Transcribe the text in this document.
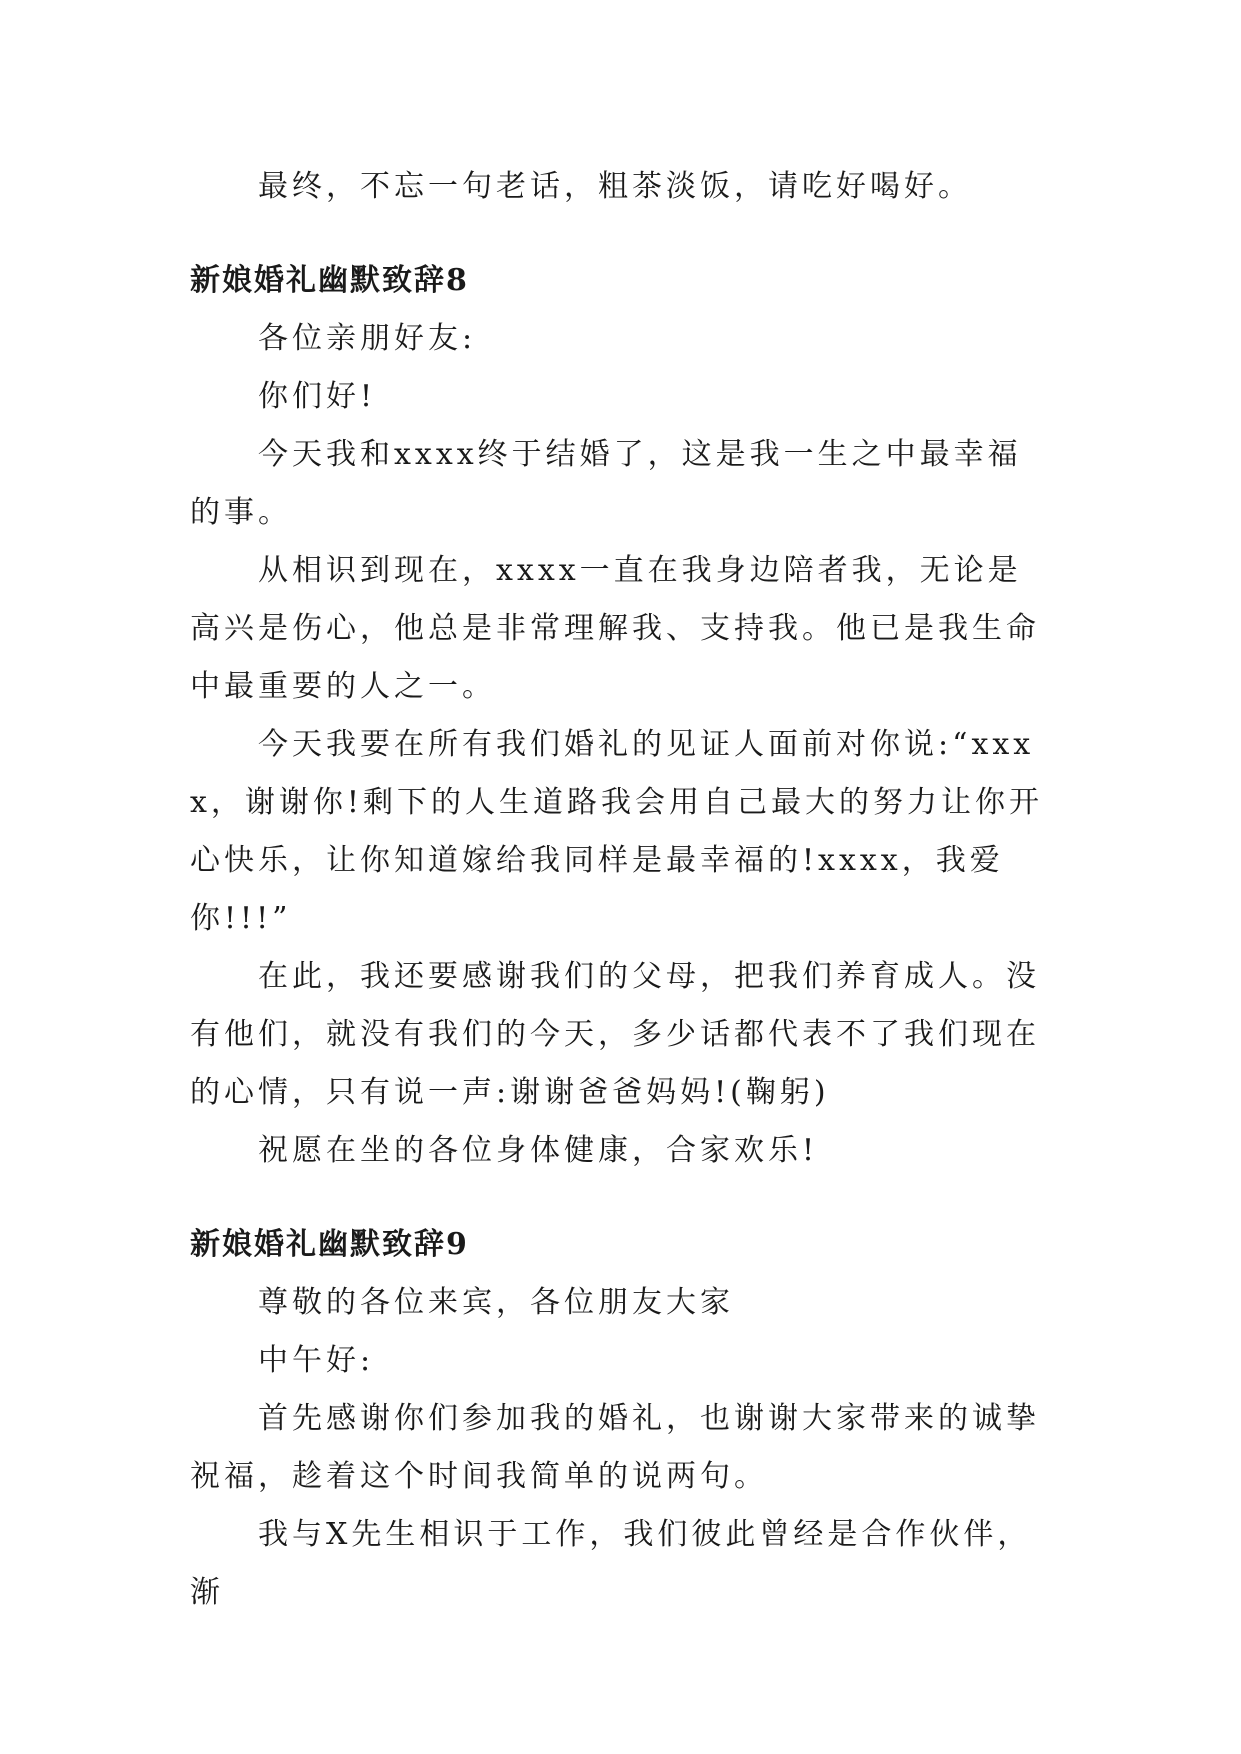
最终，不忘一句老话，粗茶淡饭，请吃好喝好。

新娘婚礼幽默致辞8

各位亲朋好友:

你们好!

今天我和xxxx终于结婚了，这是我一生之中最幸福的事。

从相识到现在，xxxx一直在我身边陪者我，无论是高兴是伤心，他总是非常理解我、支持我。他已是我生命中最重要的人之一。

今天我要在所有我们婚礼的见证人面前对你说:“xxxx，谢谢你!剩下的人生道路我会用自己最大的努力让你开心快乐，让你知道嫁给我同样是最幸福的!xxxx，我爱你!!!”

在此，我还要感谢我们的父母，把我们养育成人。没有他们，就没有我们的今天，多少话都代表不了我们现在的心情，只有说一声:谢谢爸爸妈妈!(鞠躬)

祝愿在坐的各位身体健康，合家欢乐!

新娘婚礼幽默致辞9

尊敬的各位来宾，各位朋友大家

中午好:

首先感谢你们参加我的婚礼，也谢谢大家带来的诚挚祝福，趁着这个时间我简单的说两句。

我与X先生相识于工作，我们彼此曾经是合作伙伴，渐
